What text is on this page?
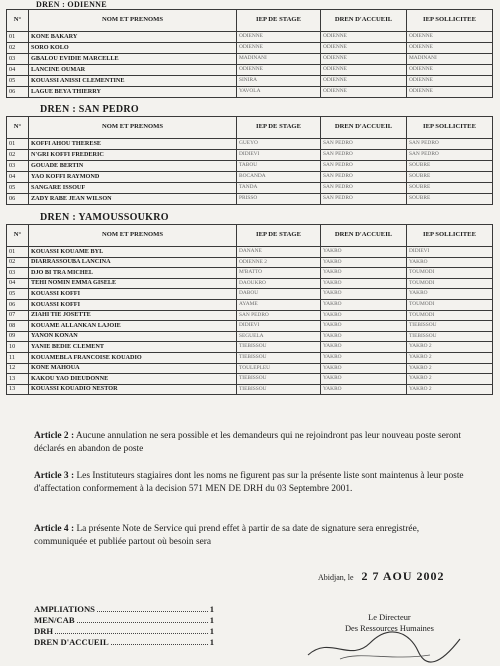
DREN : ODIENNE
N°	NOM ET PRENOMS	IEP DE STAGE	DREN D'ACCUEIL	IEP SOLLICITEE
01	KONE BAKARY	ODIENNE	ODIENNE	ODIENNE
02	SORO KOLO	ODIENNE	ODIENNE	ODIENNE
03	GBALOU EVIDIE MARCELLE	MADINANI	ODIENNE	MADINANI
04	LANCINE OUMAR	ODIENNE	ODIENNE	ODIENNE
05	KOUASSI ANISSI CLEMENTINE	SINIRA	ODIENNE	ODIENNE
06	LAGUE BEYA THIERRY	YAVOLA	ODIENNE	ODIENNE
DREN : SAN PEDRO
N°	NOM ET PRENOMS	IEP DE STAGE	DREN D'ACCUEIL	IEP SOLLICITEE
01	KOFFI AHOU THERESE	GUEYO	SAN PEDRO	SAN PEDRO
02	N'GRI KOFFI FREDERIC	DIDIEVI	SAN PEDRO	SAN PEDRO
03	GOUADE BERTIN	TABOU	SAN PEDRO	SOUBRE
04	YAO KOFFI RAYMOND	BOCANDA	SAN PEDRO	SOUBRE
05	SANGARE ISSOUF	TANDA	SAN PEDRO	SOUBRE
06	ZADY RABE JEAN WILSON	PRISSO	SAN PEDRO	SOUBRE
DREN : YAMOUSSOUKRO
N°	NOM ET PRENOMS	IEP DE STAGE	DREN D'ACCUEIL	IEP SOLLICITEE
01	KOUASSI KOUAME BYL	DANANE	YAKRO	DIDIEVI
02	DIARRASSOUBA LANCINA	ODIENNE 2	YAKRO	YAKRO
03	DJO BI TRA MICHEL	M'BATTO	YAKRO	TOUMODI
04	TEHI NOMIN EMMA GISELE	DAOUKRO	YAKRO	TOUMODI
05	KOUASSI KOFFI	DABOU	YAKRO	YAKRO
06	KOUASSI KOFFI	AYAME	YAKRO	TOUMODI
07	ZIAHI TIE JOSETTE	SAN PEDRO	YAKRO	TOUMODI
08	KOUAME ALLANKAN LAJOIE	DIDIEVI	YAKRO	TIEBISSOU
09	YANON KONAN	SEGUELA	YAKRO	TIEBISSOU
10	YANIE BEDIE CLEMENT	TIEBISSOU	YAKRO	YAKRO 2
11	KOUAMEBLA FRANCOISE KOUADIO	TIEBISSOU	YAKRO	YAKRO 2
12	KONE MAHOUA	TOULEPLEU	YAKRO	YAKRO 2
13	KAKOU YAO DIEUDONNE	TIEBISSOU	YAKRO	YAKRO 2
13	KOUASSI KOUADIO NESTOR	TIEBISSOU	YAKRO	YAKRO 2
Article 2 : Aucune annulation ne sera possible et les demandeurs qui ne rejoindront pas leur nouveau poste seront déclarés en abandon de poste
Article 3 : Les Instituteurs stagiaires dont les noms ne figurent pas sur la présente liste sont maintenus à leur poste d'affectation conformement à la decision 571 MEN DE DRH du 03 Septembre 2001.
Article 4 : La présente Note de Service qui prend effet à partir de sa date de signature sera enregistrée, communiquée et publiée partout où besoin sera
Abidjan, le 2 7 AOU 2002
AMPLIATIONS	1
MEN/CAB	1
DRH	1
DREN D'ACCUEIL	1
Le Directeur
Des Ressources Humaines
